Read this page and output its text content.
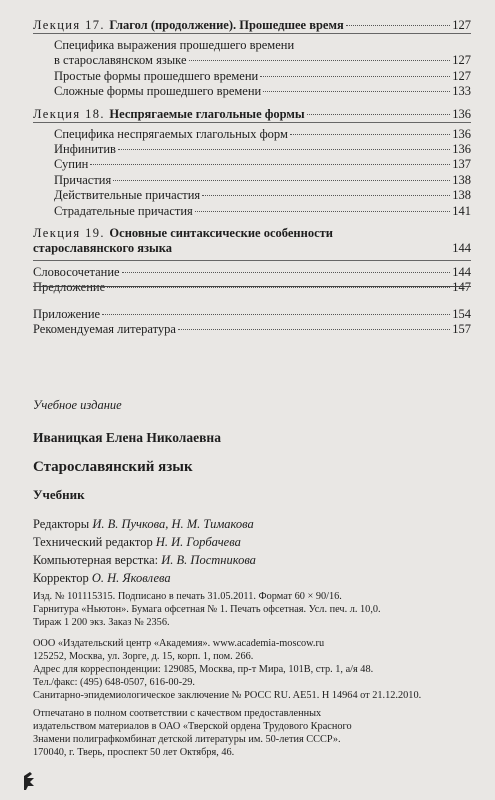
Лекция 17. Глагол (продолжение). Прошедшее время	127
Специфика выражения прошедшего времени
в старославянском языке	127
Простые формы прошедшего времени	127
Сложные формы прошедшего времени	133
Лекция 18. Неспрягаемые глагольные формы	136
Специфика неспрягаемых глагольных форм	136
Инфинитив	136
Супин	137
Причастия	138
Действительные причастия	138
Страдательные причастия	141
Лекция 19. Основные синтаксические особенности
старославянского языка	144
Словосочетание	144
Предложение	147
Приложение	154
Рекомендуемая литература	157
Учебное издание
Иваницкая Елена Николаевна
Старославянский язык
Учебник
Редакторы И. В. Пучкова, Н. М. Тимакова
Технический редактор Н. И. Горбачева
Компьютерная верстка: И. В. Постникова
Корректор О. Н. Яковлева
Изд. № 101115315. Подписано в печать 31.05.2011. Формат 60 × 90/16.
Гарнитура «Ньютон». Бумага офсетная № 1. Печать офсетная. Усл. печ. л. 10,0.
Тираж 1 200 экз. Заказ № 2356.
ООО «Издательский центр «Академия». www.academia-moscow.ru
125252, Москва, ул. Зорге, д. 15, корп. 1, пом. 266.
Адрес для корреспонденции: 129085, Москва, пр-т Мира, 101В, стр. 1, а/я 48.
Тел./факс: (495) 648-0507, 616-00-29.
Санитарно-эпидемиологическое заключение № РОСС RU. AE51. Н 14964 от 21.12.2010.
Отпечатано в полном соответствии с качеством предоставленных
издательством материалов в ОАО «Тверской ордена Трудового Красного
Знамени полиграфкомбинат детской литературы им. 50-летия СССР».
170040, г. Тверь, проспект 50 лет Октября, 46.
